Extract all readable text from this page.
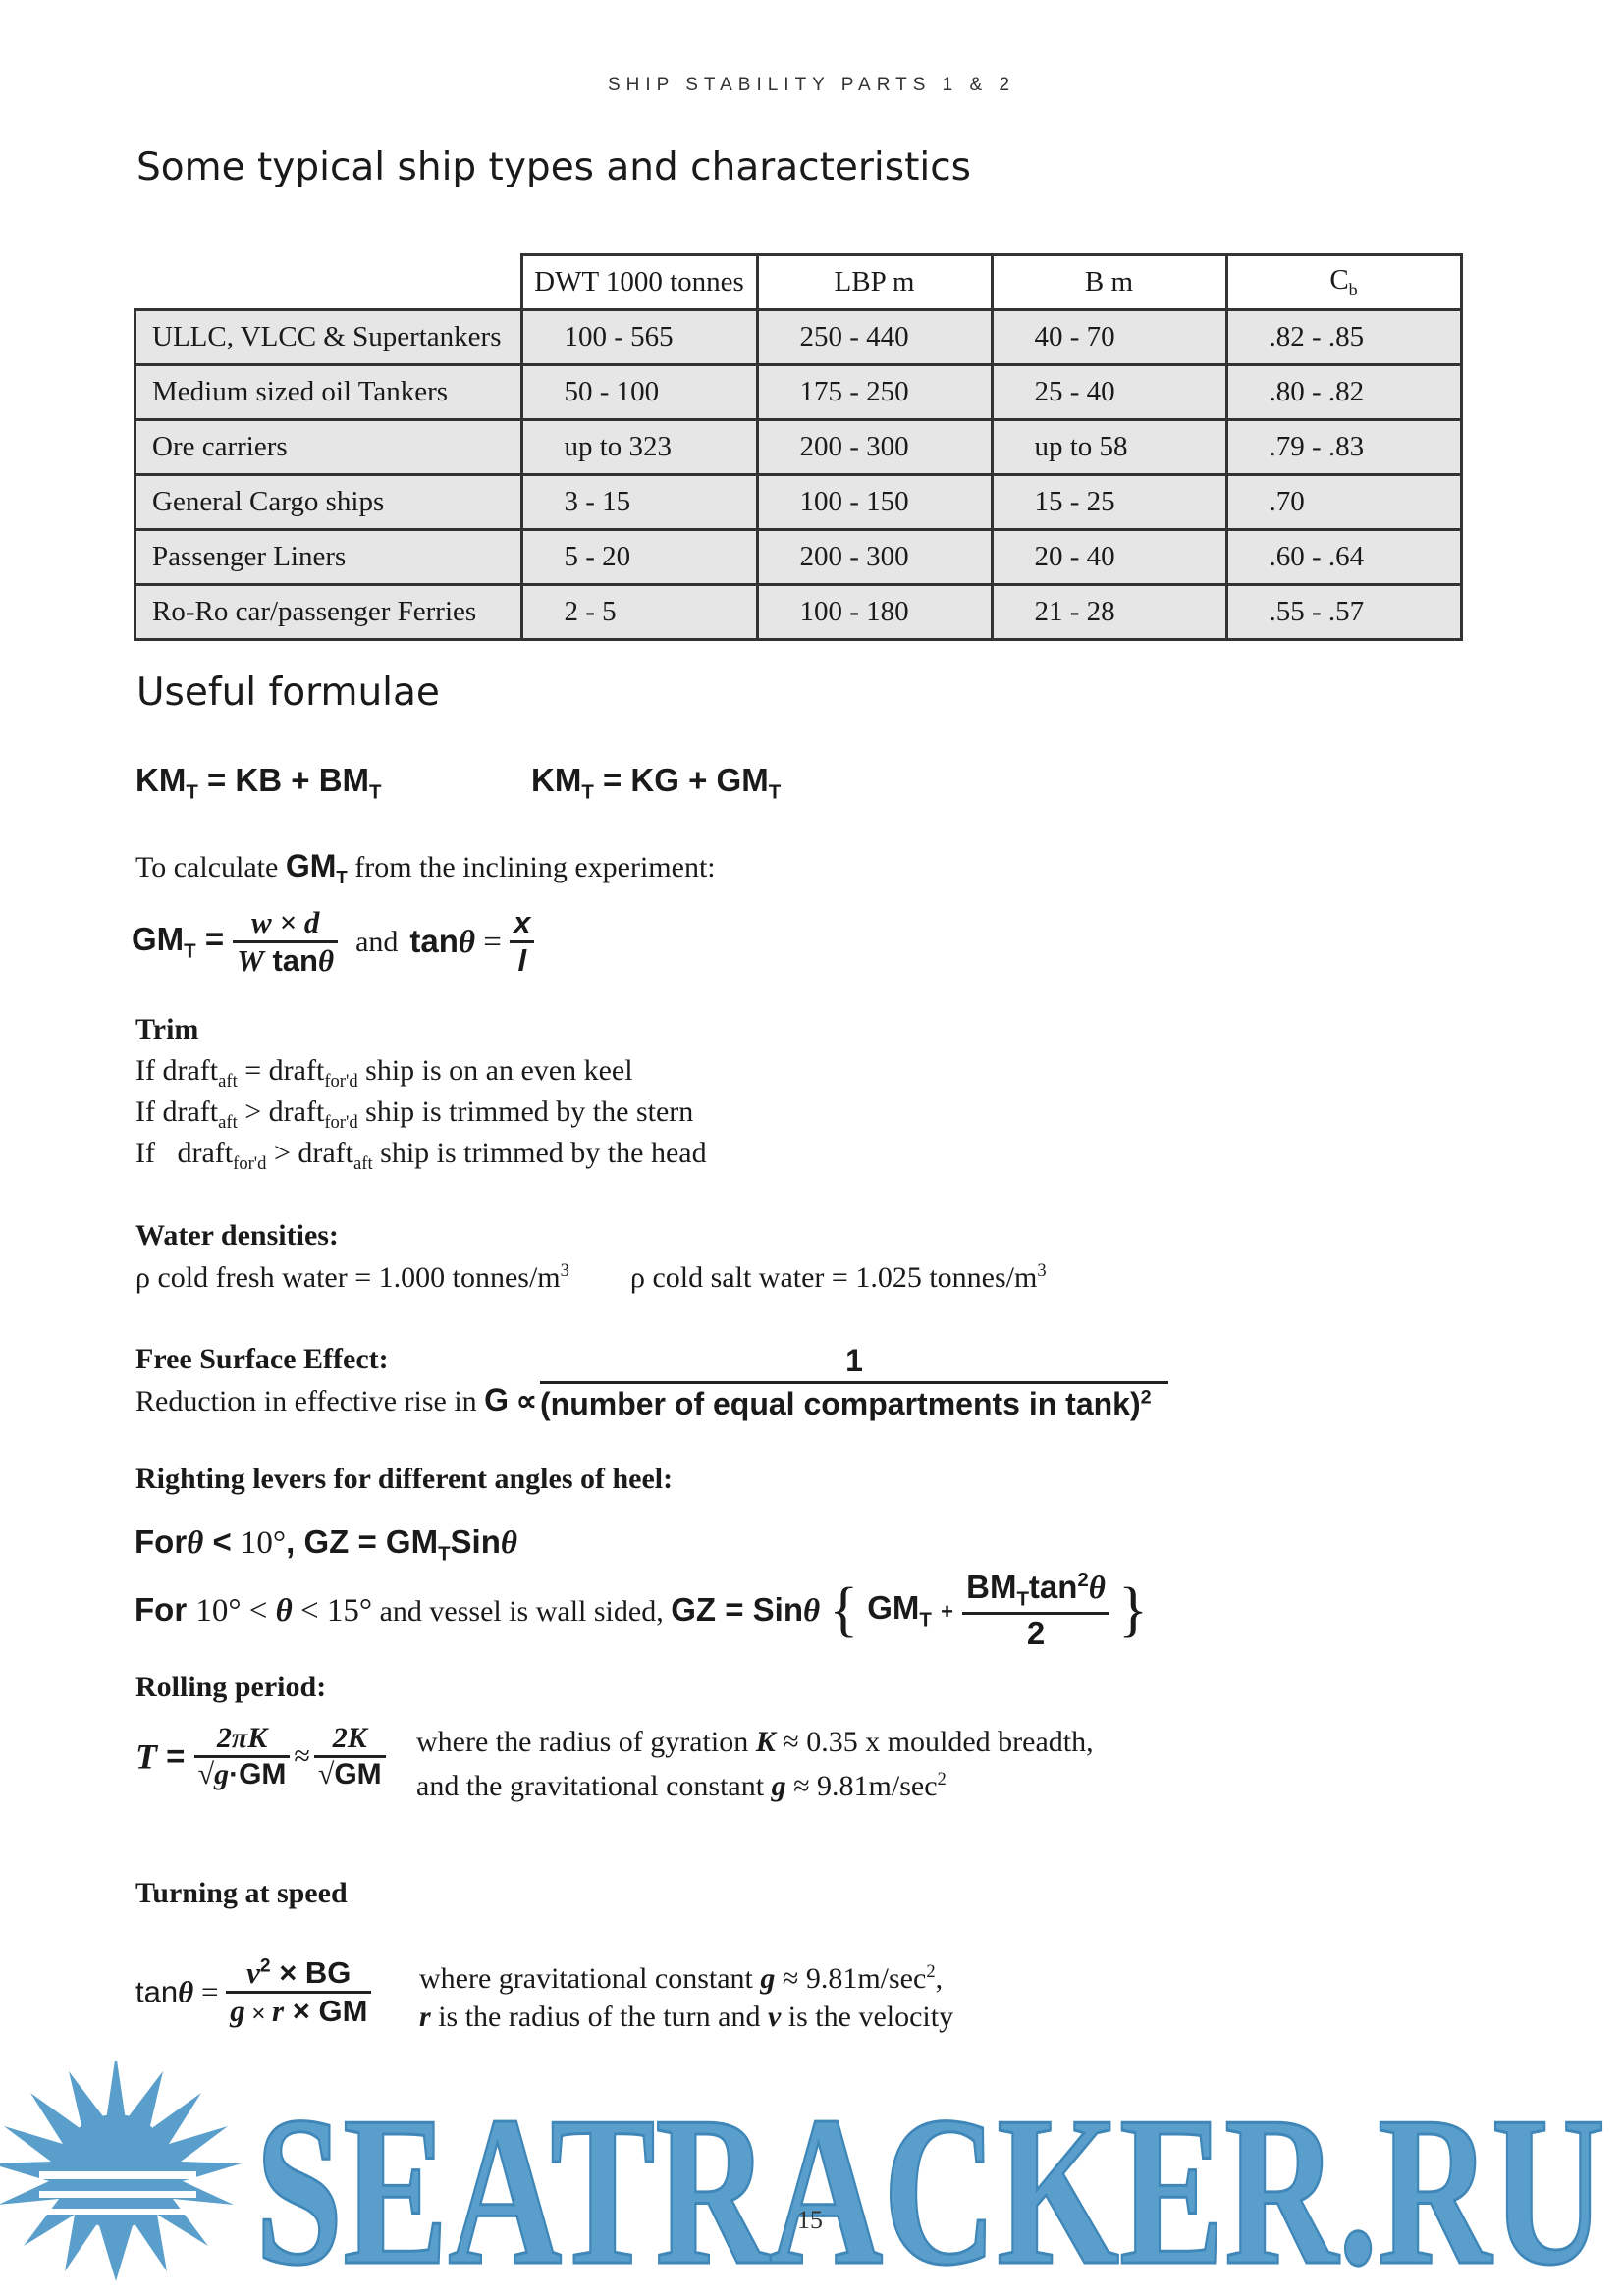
SHIP STABILITY PARTS 1 & 2
Some typical ship types and characteristics
	DWT 1000 tonnes	LBP m	B m	$C_b$
ULLC, VLCC & Supertankers	100 - 565	250 - 440	40 - 70	.82 - .85
Medium sized oil Tankers	50 - 100	175 - 250	25 - 40	.80 - .82
Ore carriers	up to 323	200 - 300	up to 58	.79 - .83
General Cargo ships	3 - 15	100 - 150	15 - 25	.70
Passenger Liners	5 - 20	200 - 300	20 - 40	.60 - .64
Ro-Ro car/passenger Ferries	2 - 5	100 - 180	21 - 28	.55 - .57
Useful formulae
$KM_T$ = KB + $BM_T$	$KM_T$ = KG + $GM_T$
To calculate $GM_T$ from the inclining experiment:
$GM_T = \frac{w \times d}{\text{W tanθ}}$ and $\tan\theta = \frac{x}{l}$
Trim
If draft$_{aft}$ = draft$_{for'd}$ ship is on an even keel
If draft$_{aft}$ > draft$_{for'd}$ ship is trimmed by the stern
If draft$_{for'd}$ > draft$_{aft}$ ship is trimmed by the head
Water densities:
ρ cold fresh water = 1.000 tonnes/$m^3$ ρ cold salt water = 1.025 tonnes/$m^3$
Free Surface Effect:
Reduction in effective rise in G ∝
1
(number of equal compartments in tank)$^2$
Righting levers for different angles of heel:
Forθ < 10°, GZ = $GM_TSin\theta$
For 10° < θ < 15° and vessel is wall sided, GZ = Sinθ { $GM_T + \frac{BM_T\tan^2\theta}{2}$ }
Rolling period:
$T = \frac{2\pi K}{√g\cdot GM} \approx \frac{2K}{√GM}$ where the radius of gyration K ≈ 0.35 x moulded breadth,
and the gravitational constant $g \approx 9.81m/\sec^2$
Turning at speed
$\tan\theta = \frac{v^2 \times BG}{g \times r \times GM}$ where gravitational constant $g \approx 9.81m/\sec^2$,
r is the radius of the turn and v is the velocity
SEATRACKER.RU
15
